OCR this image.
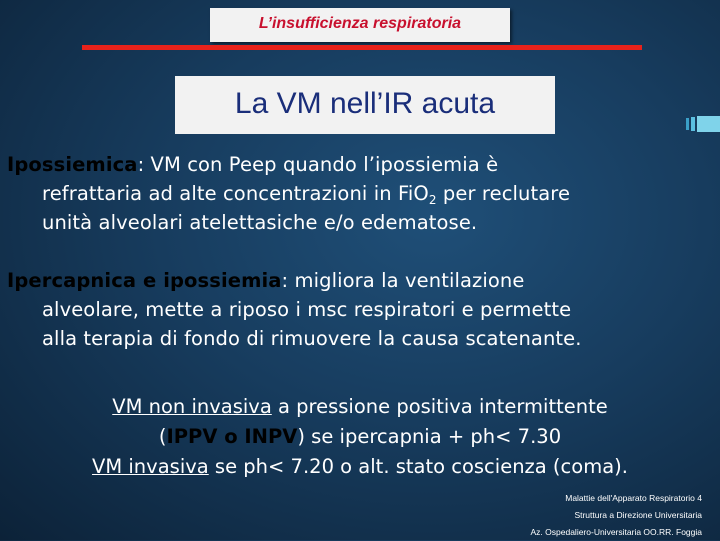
L’insufficienza respiratoria
La VM nell’IR acuta
Ipossiemica: VM con Peep quando l’ipossiemia è
refrattaria ad alte concentrazioni in FiO$_2$ per reclutare
unità alveolari atelettasiche e/o edematose.
Ipercapnica e ipossiemia: migliora la ventilazione
alveolare, mette a riposo i msc respiratori e permette
alla terapia di fondo di rimuovere la causa scatenante.
VM non invasiva a pressione positiva intermittente
(IPPV o INPV) se ipercapnia + ph< 7.30
VM invasiva se ph< 7.20 o alt. stato coscienza (coma).
Malattie dell'Apparato Respiratorio 4
Struttura a Direzione Universitaria
Az. Ospedaliero-Universitaria OO.RR. Foggia
